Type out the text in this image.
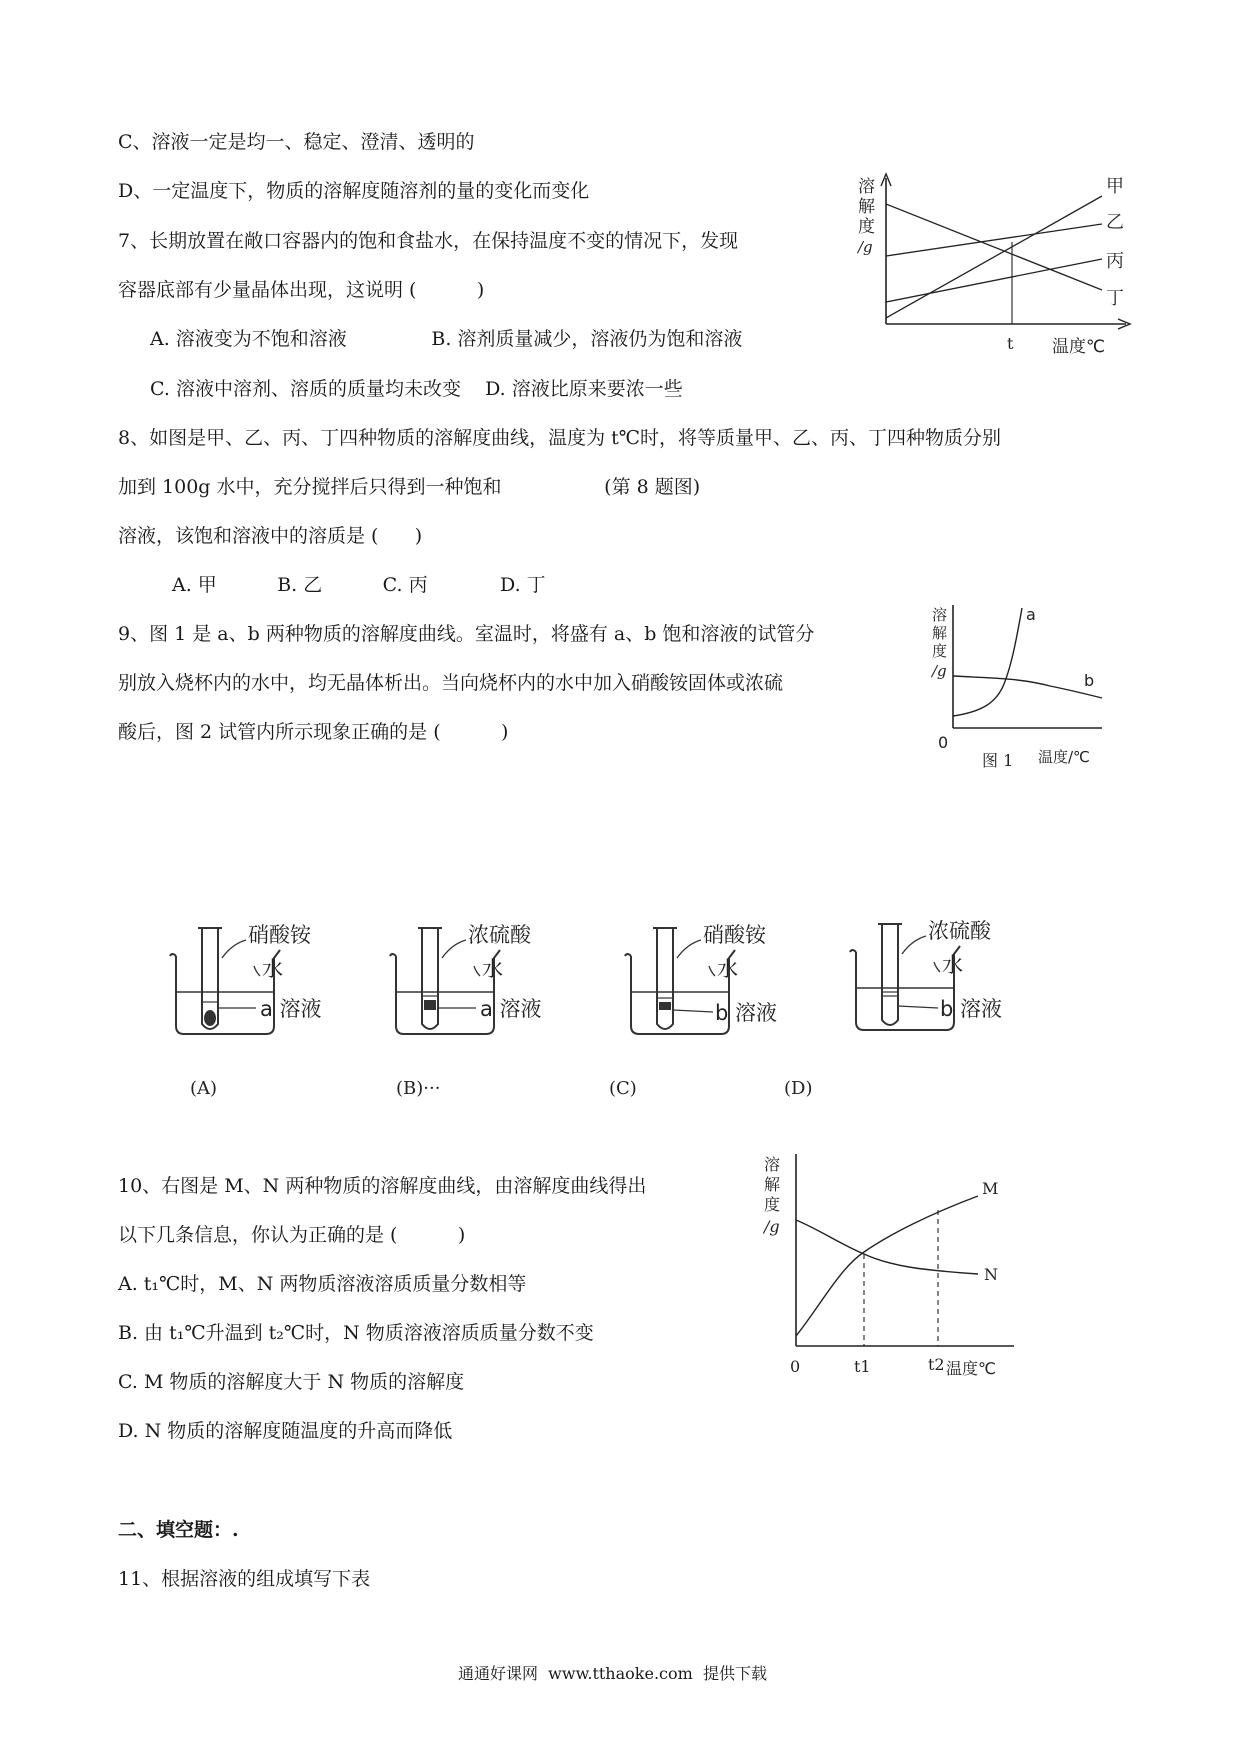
C、溶液一定是均一、稳定、澄清、透明的
D、一定温度下，物质的溶解度随溶剂的量的变化而变化
7、长期放置在敞口容器内的饱和食盐水，在保持温度不变的情况下，发现
容器底部有少量晶体出现，这说明 (          )
A. 溶液变为不饱和溶液              B. 溶剂质量减少，溶液仍为饱和溶液
C. 溶液中溶剂、溶质的质量均未改变    D. 溶液比原来要浓一些
8、如图是甲、乙、丙、丁四种物质的溶解度曲线，温度为 t℃时，将等质量甲、乙、丙、丁四种物质分别
加到 100g 水中，充分搅拌后只得到一种饱和                 (第 8 题图)
溶液，该饱和溶液中的溶质是 (      )
A. 甲          B. 乙          C. 丙            D. 丁
9、图 1 是 a、b 两种物质的溶解度曲线。室温时，将盛有 a、b 饱和溶液的试管分
别放入烧杯内的水中，均无晶体析出。当向烧杯内的水中加入硝酸铵固体或浓硫
酸后，图 2 试管内所示现象正确的是 (          )
10、右图是 M、N 两种物质的溶解度曲线，由溶解度曲线得出
以下几条信息，你认为正确的是 (          )
A. t₁℃时，M、N 两物质溶液溶质质量分数相等
B. 由 t₁℃升温到 t₂℃时，N 物质溶液溶质质量分数不变
C. M 物质的溶解度大于 N 物质的溶解度
D. N 物质的溶解度随温度的升高而降低
二、填空题：.
11、根据溶液的组成填写下表
通通好课网  www.tthaoke.com  提供下载
溶
解
度
/g
t 温度℃
甲
乙
丙
丁
溶
解
度
/g
a
b
0
图 1 温度/℃
硝酸铵
水
a 溶液
(A)
浓硫酸
水
a 溶液
(B)···
硝酸铵
水
b 溶液
(C)
浓硫酸
水
b 溶液
(D)
溶
解
度
/g
M
N
0	t1	t2 温度℃
